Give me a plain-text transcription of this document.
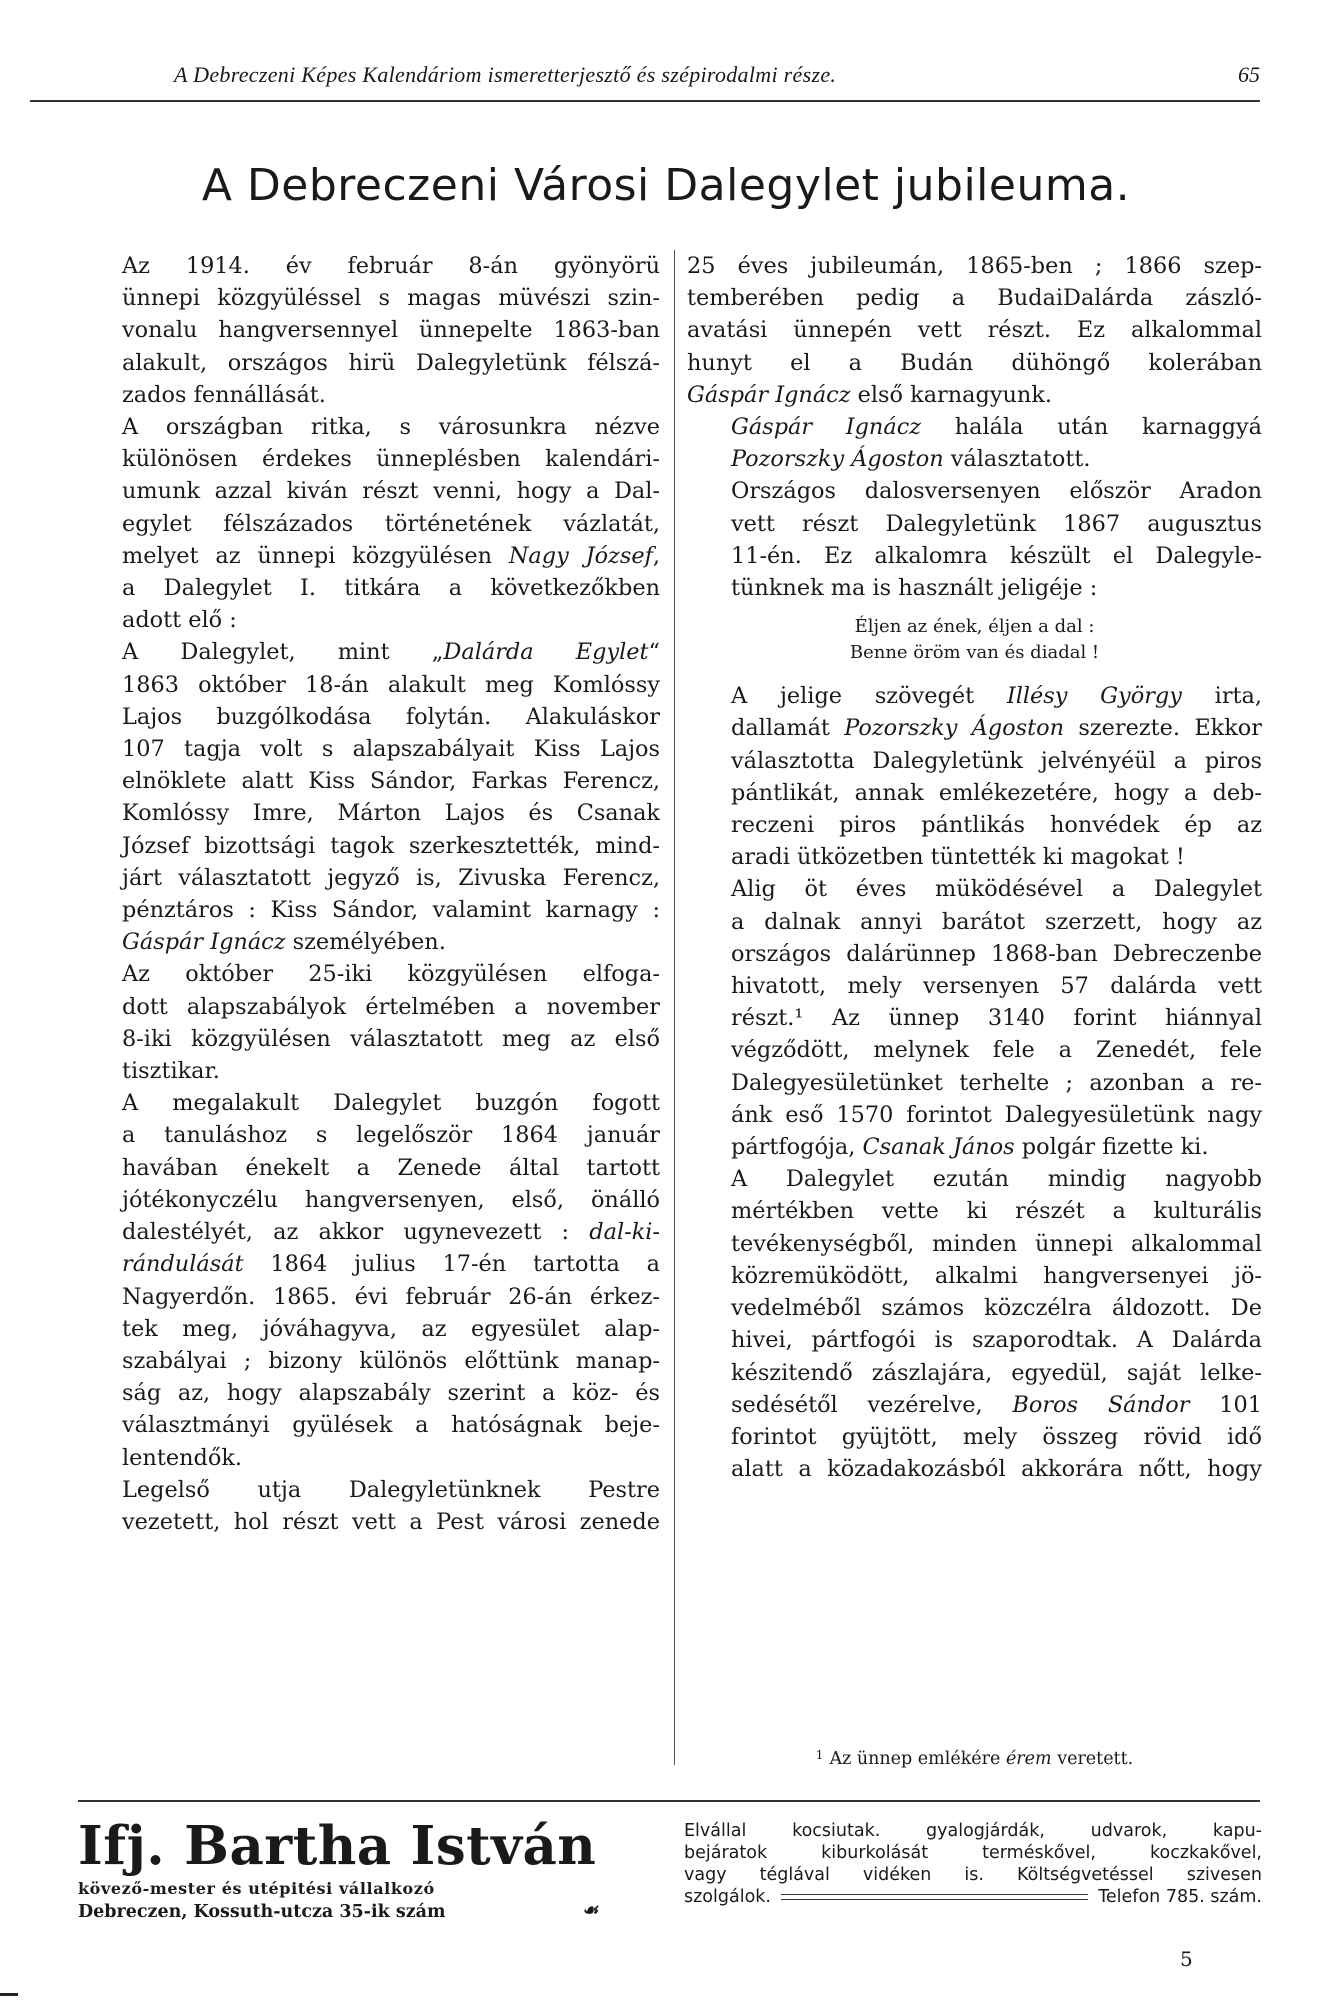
A Debreczeni Képes Kalendáriom ismeretterjesztő és szépirodalmi része.	65
A Debreczeni Városi Dalegylet jubileuma.

Az 1914. év február 8-án gyönyörü
ünnepi közgyüléssel s magas müvészi szin-
vonalu hangversennyel ünnepelte 1863-ban
alakult, országos hirü Dalegyletünk félszá-
zados fennállását.

A országban ritka, s városunkra nézve
különösen érdekes ünneplésben kalendári-
umunk azzal kiván részt venni, hogy a Dal-
egylet félszázados történetének vázlatát,
melyet az ünnepi közgyülésen Nagy József,
a Dalegylet I. titkára a következőkben
adott elő :

A Dalegylet, mint „Dalárda Egylet“
1863 október 18-án alakult meg Komlóssy
Lajos buzgólkodása folytán. Alakuláskor
107 tagja volt s alapszabályait Kiss Lajos
elnöklete alatt Kiss Sándor, Farkas Ferencz,
Komlóssy Imre, Márton Lajos és Csanak
József bizottsági tagok szerkesztették, mind-
járt választatott jegyző is, Zivuska Ferencz,
pénztáros : Kiss Sándor, valamint karnagy :
Gáspár Ignácz személyében.

Az október 25-iki közgyülésen elfoga-
dott alapszabályok értelmében a november
8-iki közgyülésen választatott meg az első
tisztikar.

A megalakult Dalegylet buzgón fogott
a tanuláshoz s legelőször 1864 január
havában énekelt a Zenede által tartott
jótékonyczélu hangversenyen, első, önálló
dalestélyét, az akkor ugynevezett : dal-ki-
rándulását 1864 julius 17-én tartotta a
Nagyerdőn. 1865. évi február 26-án érkez-
tek meg, jóváhagyva, az egyesület alap-
szabályai ; bizony különös előttünk manap-
ság az, hogy alapszabály szerint a köz- és
választmányi gyülések a hatóságnak beje-
lentendők.

Legelső utja Dalegyletünknek Pestre
vezetett, hol részt vett a Pest városi zenede

25 éves jubileumán, 1865-ben ; 1866 szep-
temberében pedig a BudaiDalárda zászló-
avatási ünnepén vett részt. Ez alkalommal
hunyt el a Budán dühöngő kolerában
Gáspár Ignácz első karnagyunk.

Gáspár Ignácz halála után karnaggyá
Pozorszky Ágoston választatott.

Országos dalosversenyen először Aradon
vett részt Dalegyletünk 1867 augusztus
11-én. Ez alkalomra készült el Dalegyle-
tünknek ma is használt jeligéje :

Éljen az ének, éljen a dal :
Benne öröm van és diadal !

A jelige szövegét Illésy György irta,
dallamát Pozorszky Ágoston szerezte. Ekkor
választotta Dalegyletünk jelvényéül a piros
pántlikát, annak emlékezetére, hogy a deb-
reczeni piros pántlikás honvédek ép az
aradi ütközetben tüntették ki magokat !

Alig öt éves müködésével a Dalegylet
a dalnak annyi barátot szerzett, hogy az
országos dalárünnep 1868-ban Debreczenbe
hivatott, mely versenyen 57 dalárda vett
részt.¹ Az ünnep 3140 forint hiánnyal
végződött, melynek fele a Zenedét, fele
Dalegyesületünket terhelte ; azonban a re-
ánk eső 1570 forintot Dalegyesületünk nagy
pártfogója, Csanak János polgár fizette ki.

A Dalegylet ezután mindig nagyobb
mértékben vette ki részét a kulturális
tevékenységből, minden ünnepi alkalommal
közremüködött, alkalmi hangversenyei jö-
vedelméből számos közczélra áldozott. De
hivei, pártfogói is szaporodtak. A Dalárda
készitendő zászlajára, egyedül, saját lelke-
sedésétől vezérelve, Boros Sándor 101
forintot gyüjtött, mely összeg rövid idő
alatt a közadakozásból akkorára nőtt, hogy

$^1$ Az ünnep emlékére érem veretett.
Ifj. Bartha István
kövező-mester és utépitési vállalkozó
Debreczen, Kossuth-utcza 35-ik szám	☙
Elvállal kocsiutak. gyalogjárdák, udvarok, kapu-
bejáratok kiburkolását terméskővel, koczkakővel,
vagy téglával vidéken is. Költségvetéssel szivesen
szolgálok.	Telefon 785. szám.
5
